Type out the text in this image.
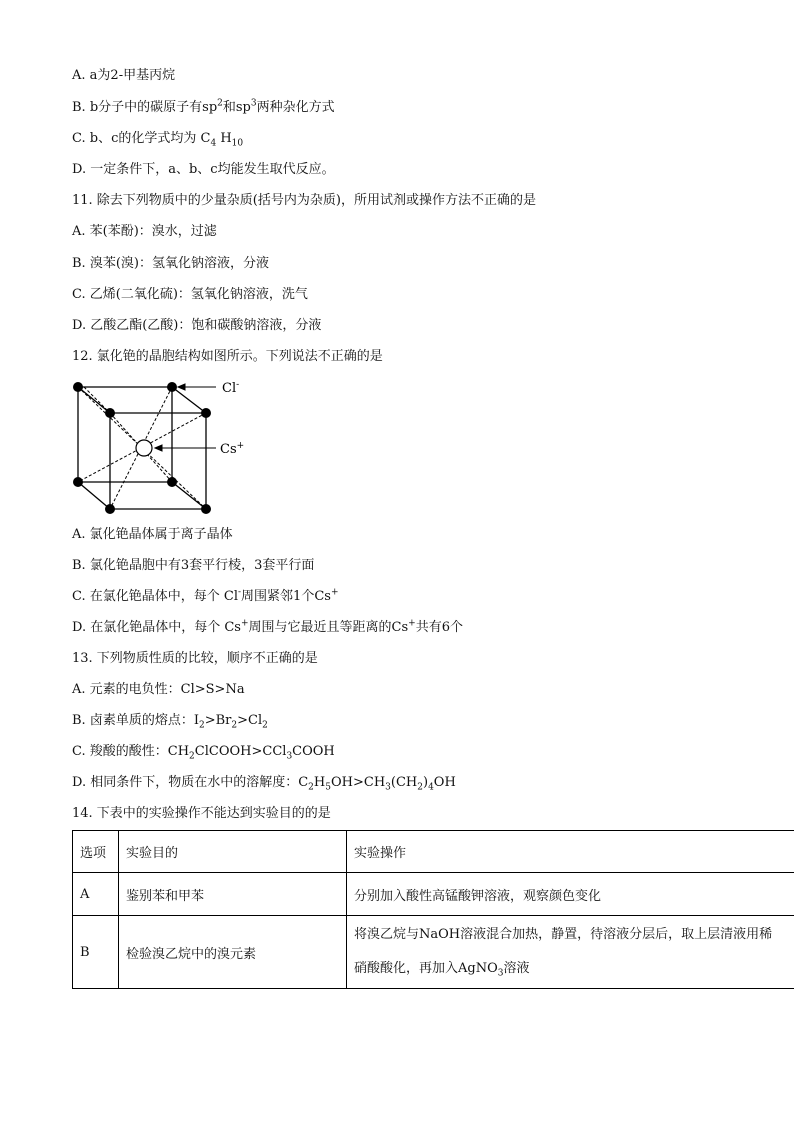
A. a为2-甲基丙烷
B. b分子中的碳原子有$sp^2$和$sp^3$两种杂化方式
C. b、c的化学式均为 $C_4$ $H_{10}$
D. 一定条件下，a、b、c均能发生取代反应。
11. 除去下列物质中的少量杂质(括号内为杂质)，所用试剂或操作方法不正确的是
A. 苯(苯酚)：溴水，过滤
B. 溴苯(溴)：氢氧化钠溶液，分液
C. 乙烯(二氧化硫)：氢氧化钠溶液，洗气
D. 乙酸乙酯(乙酸)：饱和碳酸钠溶液，分液
12. 氯化铯的晶胞结构如图所示。下列说法不正确的是
Cl-
Cs+
A. 氯化铯晶体属于离子晶体
B. 氯化铯晶胞中有3套平行棱，3套平行面
C. 在氯化铯晶体中，每个 Cl-周围紧邻1个Cs+
D. 在氯化铯晶体中，每个 Cs+周围与它最近且等距离的Cs+共有6个
13. 下列物质性质的比较，顺序不正确的是
A. 元素的电负性：Cl>S>Na
B. 卤素单质的熔点：$I_2>Br_2>Cl_2$
C. 羧酸的酸性：$CH_2ClCOOH>CCl_3COOH$
D. 相同条件下，物质在水中的溶解度：$C_2H_5OH>CH_3(CH_2)_4OH$
14. 下表中的实验操作不能达到实验目的的是
选项	实验目的	实验操作
A	鉴别苯和甲苯	分别加入酸性高锰酸钾溶液，观察颜色变化
B	检验溴乙烷中的溴元素	将溴乙烷与NaOH溶液混合加热，静置，待溶液分层后，取上层清液用稀
硝酸酸化，再加入AgNO$_3$溶液
